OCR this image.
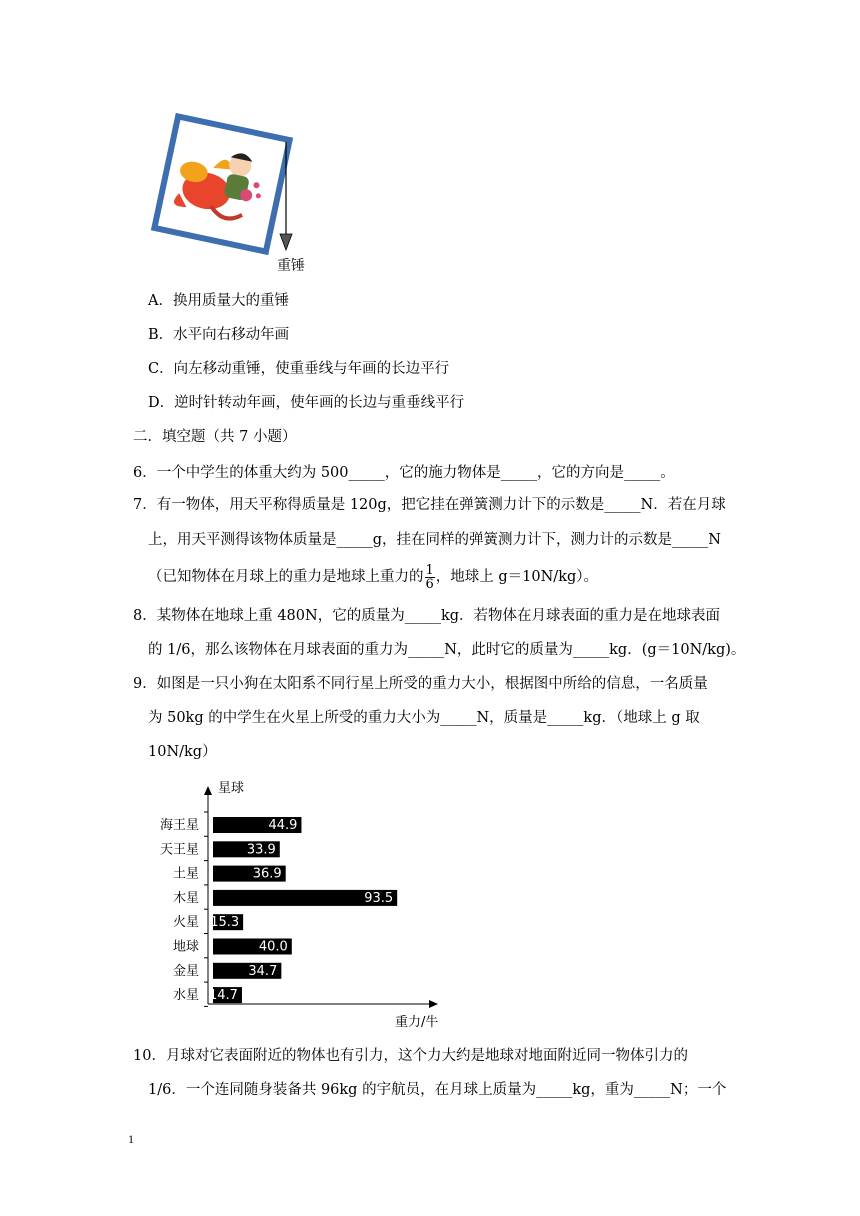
重锤
A．换用质量大的重锤
B．水平向右移动年画
C．向左移动重锤，使重垂线与年画的长边平行
D．逆时针转动年画，使年画的长边与重垂线平行
二．填空题（共 7 小题）
6．一个中学生的体重大约为 500_____，它的施力物体是_____，它的方向是_____。
7．有一物体，用天平称得质量是 120g，把它挂在弹簧测力计下的示数是_____N．若在月球
上，用天平测得该物体质量是_____g，挂在同样的弹簧测力计下，测力计的示数是_____N
（已知物体在月球上的重力是地球上重力的 $\frac{1}{6}$ ，地球上 g＝10N/kg）。
8．某物体在地球上重 480N，它的质量为_____kg．若物体在月球表面的重力是在地球表面
的 1/6，那么该物体在月球表面的重力为_____N，此时它的质量为_____kg．(g＝10N/kg)。
9．如图是一只小狗在太阳系不同行星上所受的重力大小，根据图中所给的信息，一名质量
为 50kg 的中学生在火星上所受的重力大小为_____N，质量是_____kg．（地球上 g 取
10N/kg）
星球
重力/牛
海王星	44.9
天王星	33.9
土星	36.9
木星	93.5
火星 15.3
地球	40.0
金星	34.7
水星 14.7
10．月球对它表面附近的物体也有引力，这个力大约是地球对地面附近同一物体引力的
1/6．一个连同随身装备共 96kg 的宇航员，在月球上质量为_____kg，重为_____N；一个
1
